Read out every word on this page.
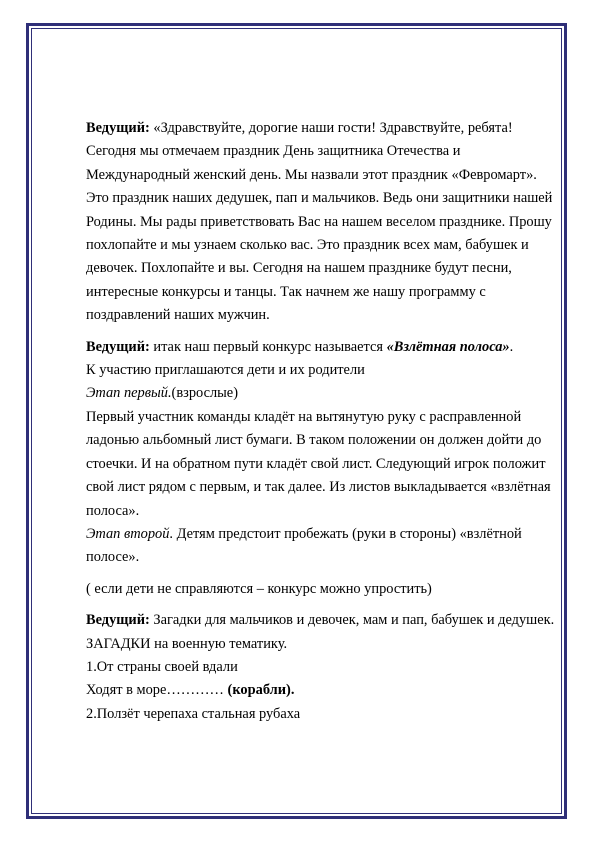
Ведущий: «Здравствуйте, дорогие наши гости! Здравствуйте, ребята! Сегодня мы отмечаем праздник День защитника Отечества и Международный женский день. Мы назвали этот праздник «Февромарт». Это праздник наших дедушек, пап и мальчиков. Ведь они защитники нашей Родины. Мы рады приветствовать Вас на нашем веселом празднике. Прошу похлопайте и мы узнаем сколько вас. Это праздник всех мам, бабушек и девочек. Похлопайте и вы. Сегодня на нашем празднике будут песни, интересные конкурсы и танцы. Так начнем же нашу программу с поздравлений наших мужчин.

Ведущий: итак наш первый конкурс называется «Взлётная полоса».

К участию приглашаются дети и их родители

Этап первый.(взрослые)

Первый участник команды кладёт на вытянутую руку с расправленной ладонью альбомный лист бумаги. В таком положении он должен дойти до стоечки. И на обратном пути кладёт свой лист. Следующий игрок положит свой лист рядом с первым, и так далее. Из листов выкладывается «взлётная полоса».

Этап второй. Детям предстоит пробежать (руки в стороны) «взлётной полосе».

( если дети не справляются – конкурс можно упростить)

Ведущий: Загадки для мальчиков и девочек, мам и пап, бабушек и дедушек.

ЗАГАДКИ на военную тематику.

1.От страны своей вдали

Ходят в море………… (корабли).

2.Ползёт черепаха стальная рубаха
